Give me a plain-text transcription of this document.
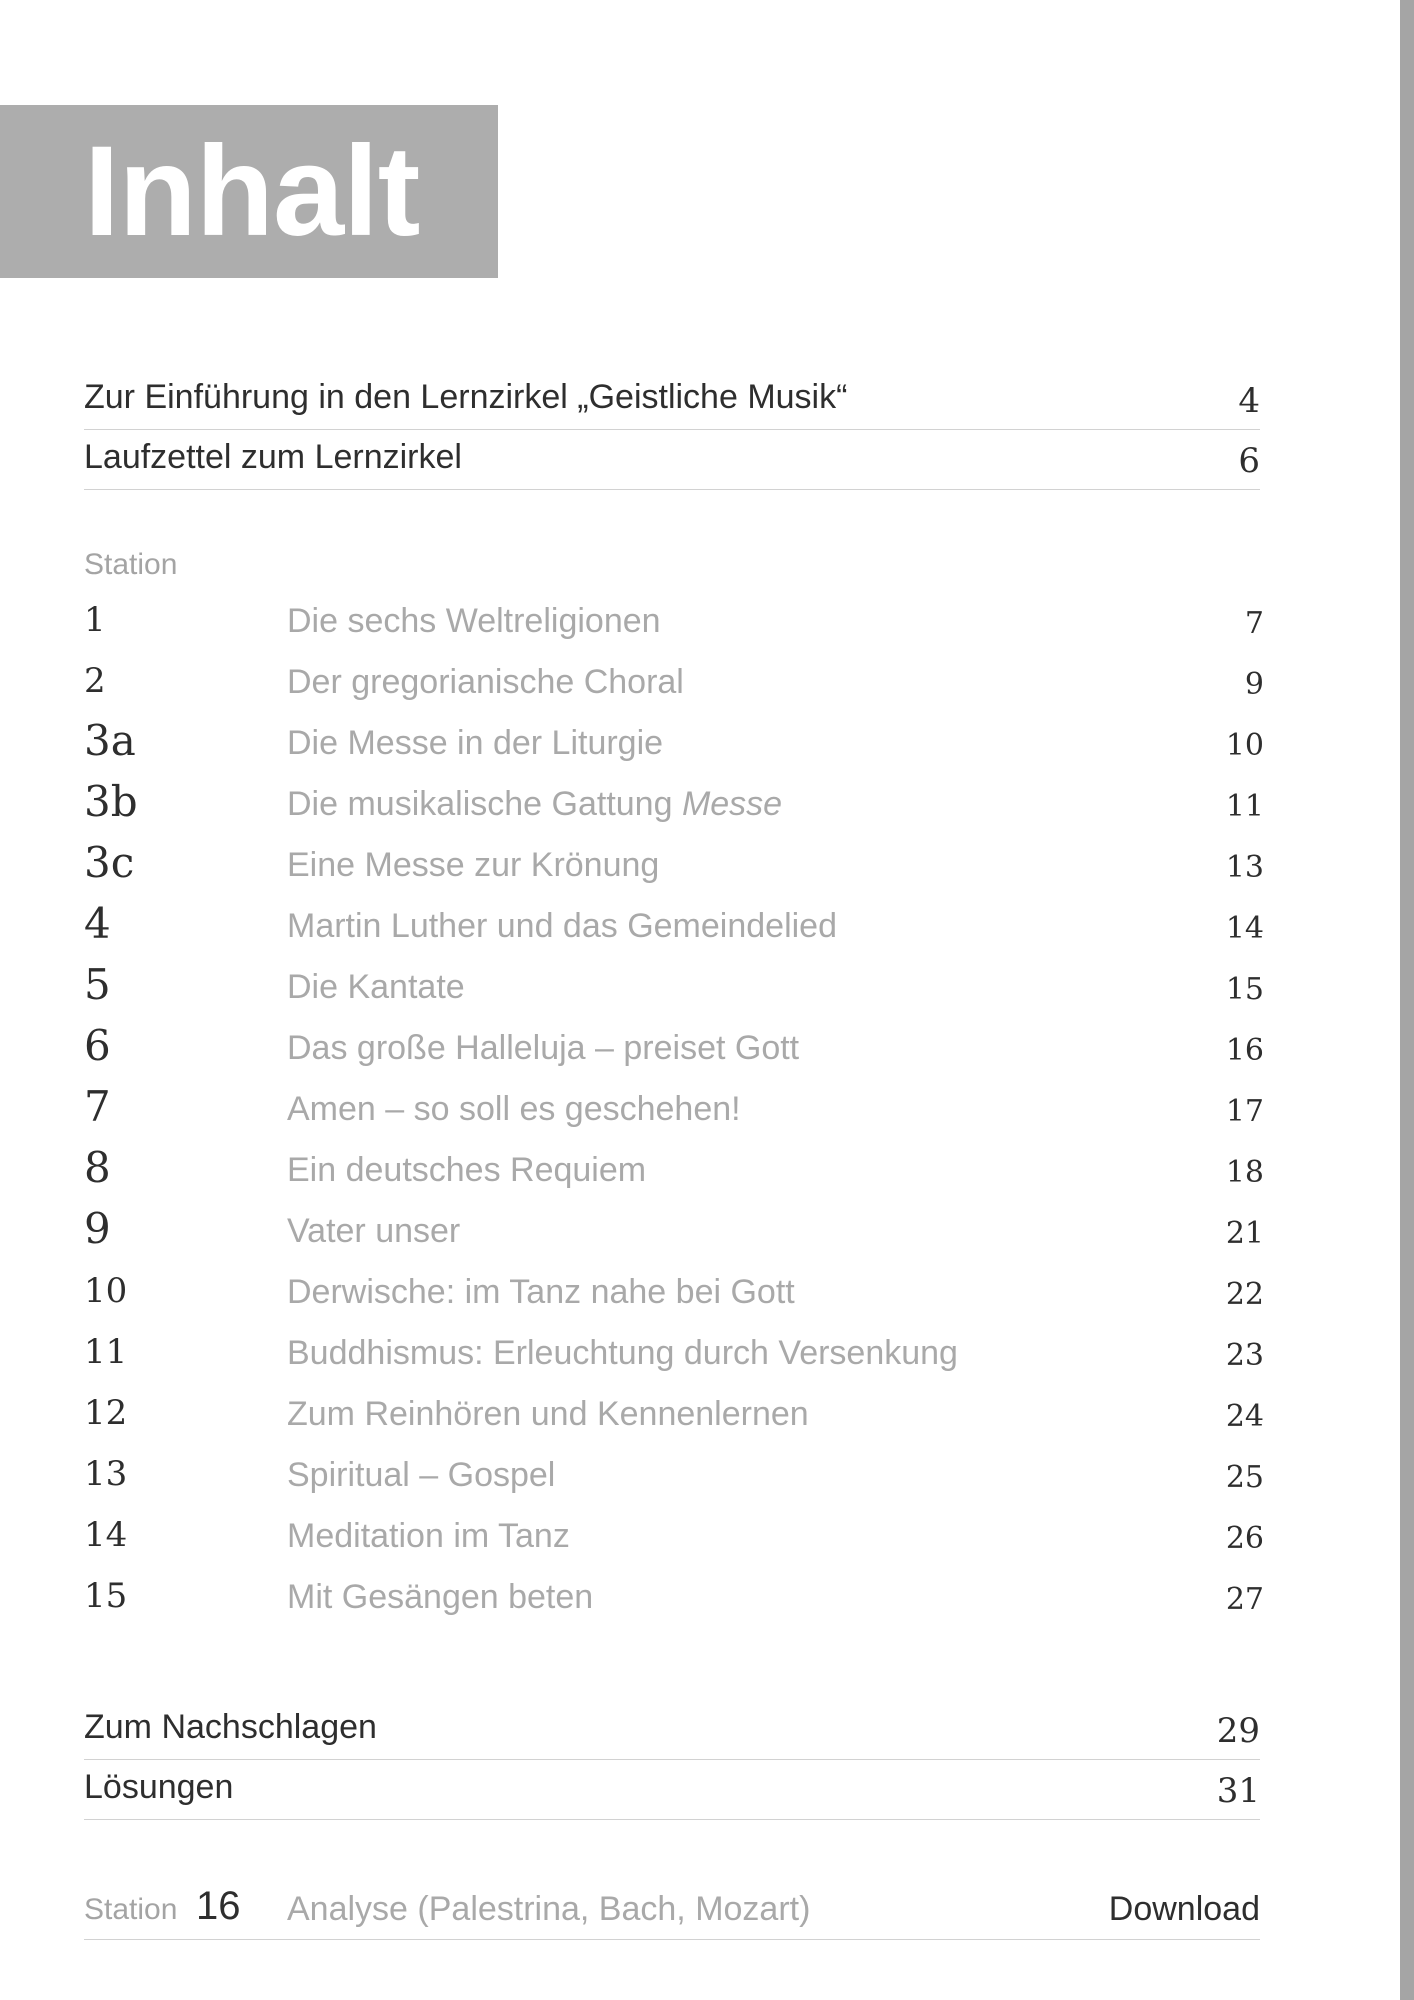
Inhalt
Zur Einführung in den Lernzirkel „Geistliche Musik“	4
Laufzettel zum Lernzirkel	6
Station
1	Die sechs Weltreligionen	7
2	Der gregorianische Choral	9
3a	Die Messe in der Liturgie	10
3b	Die musikalische Gattung Messe	11
3c	Eine Messe zur Krönung	13
4	Martin Luther und das Gemeindelied	14
5	Die Kantate	15
6	Das große Halleluja – preiset Gott	16
7	Amen – so soll es geschehen!	17
8	Ein deutsches Requiem	18
9	Vater unser	21
10	Derwische: im Tanz nahe bei Gott	22
11	Buddhismus: Erleuchtung durch Versenkung	23
12	Zum Reinhören und Kennenlernen	24
13	Spiritual – Gospel	25
14	Meditation im Tanz	26
15	Mit Gesängen beten	27
Zum Nachschlagen	29
Lösungen	31
Station 16 Analyse (Palestrina, Bach, Mozart)	Download
